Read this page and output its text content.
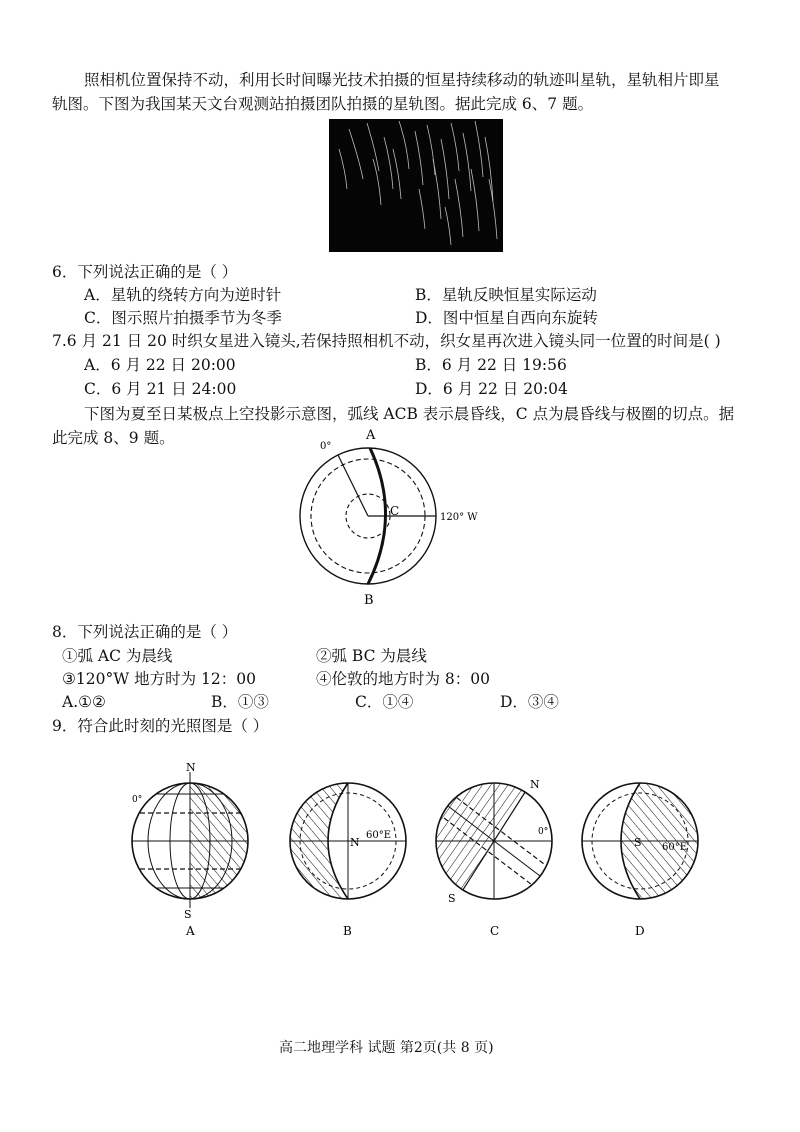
照相机位置保持不动，利用长时间曝光技术拍摄的恒星持续移动的轨迹叫星轨，星轨相片即星
轨图。下图为我国某天文台观测站拍摄团队拍摄的星轨图。据此完成 6、7 题。
6．下列说法正确的是（ ）
A．星轨的绕转方向为逆时针	B．星轨反映恒星实际运动
C．图示照片拍摄季节为冬季	D．图中恒星自西向东旋转
7.6 月 21 日 20 时织女星进入镜头,若保持照相机不动，织女星再次进入镜头同一位置的时间是( )
A．6 月 22 日 20:00	B．6 月 22 日 19:56
C．6 月 21 日 24:00	D．6 月 22 日 20:04
下图为夏至日某极点上空投影示意图，弧线 ACB 表示晨昏线，C 点为晨昏线与极圈的切点。据
此完成 8、9 题。	0°
A
B
C	120° W
8．下列说法正确的是（ ）
①弧 AC 为晨线	②弧 BC 为晨线
③120°W 地方时为 12：00	④伦敦的地方时为 8：00
A.①②	B．①③	C．①④	D．③④
9．符合此时刻的光照图是（ ）
N
S
0°
A
N
60°E
B
N
S
0°
C
S 60°E
D
高二地理学科 试题 第2页(共 8 页)
